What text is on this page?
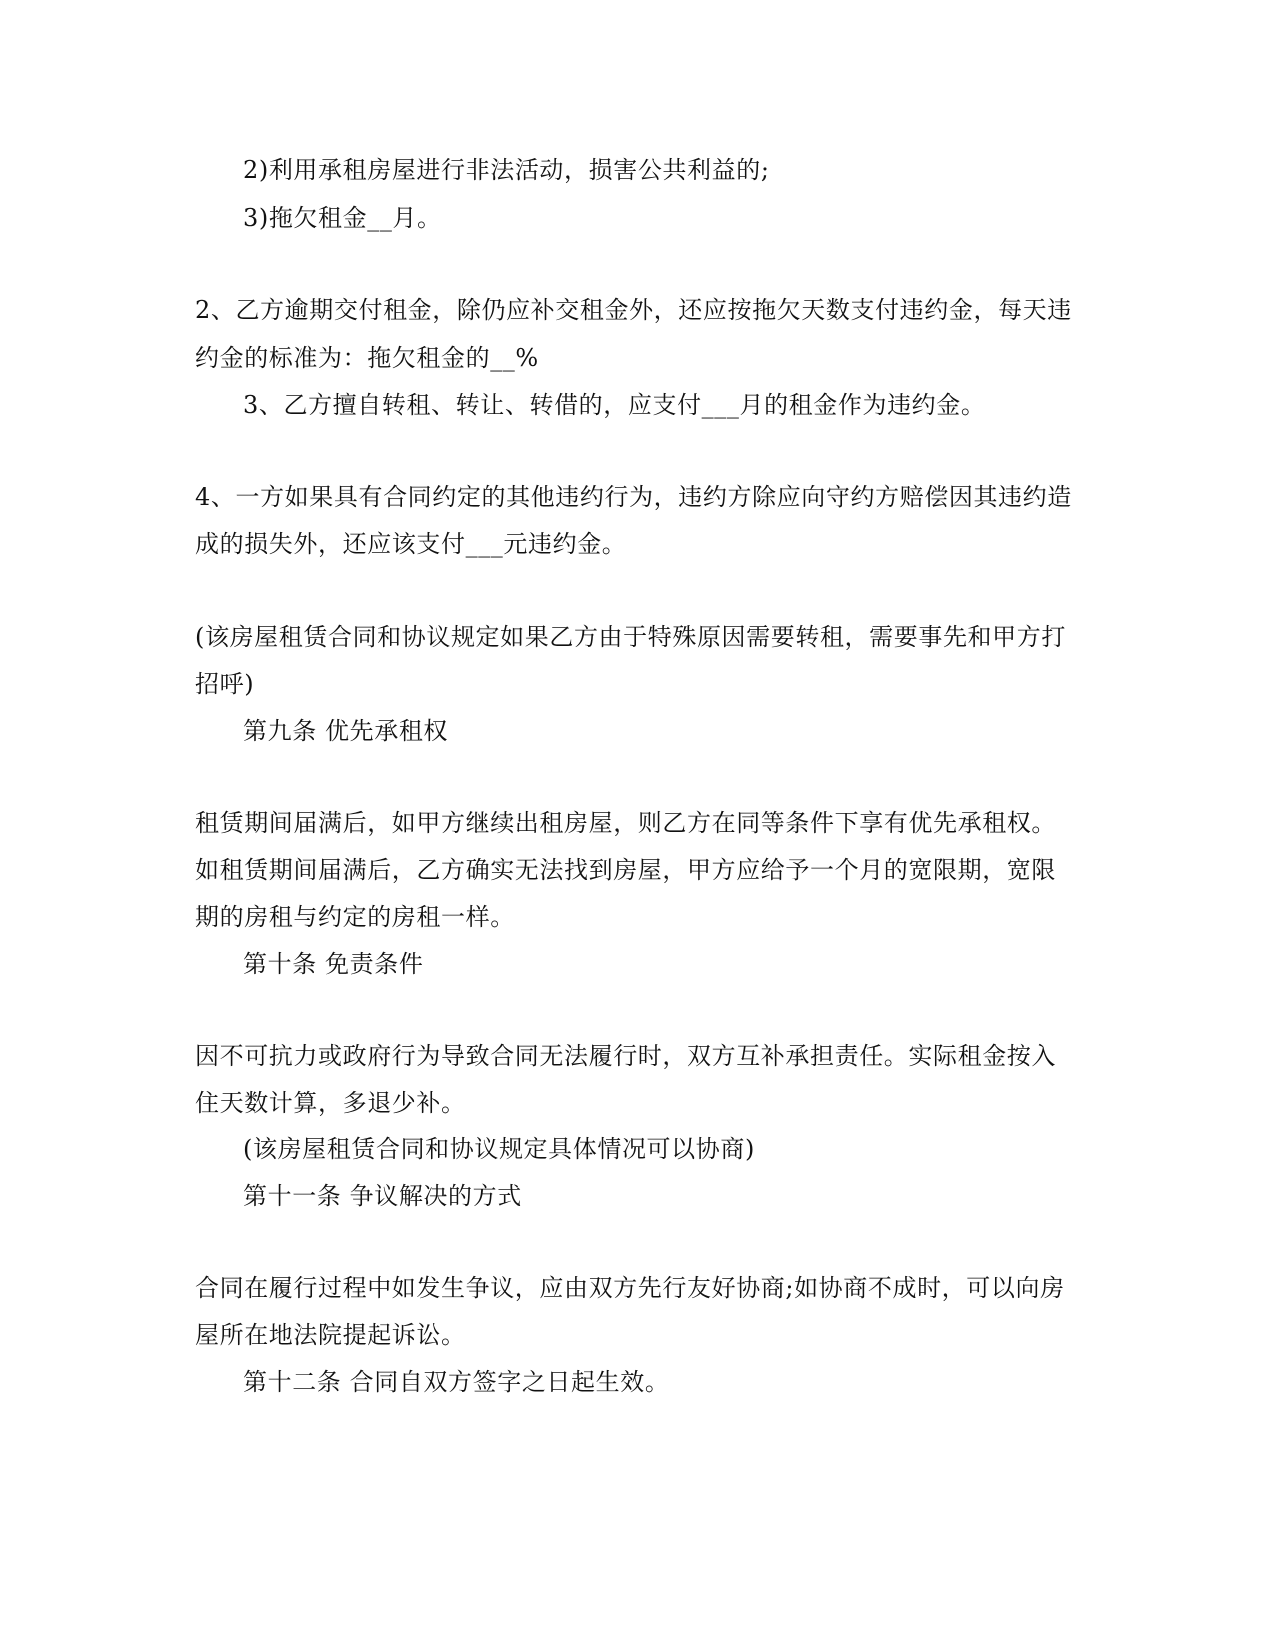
2)利用承租房屋进行非法活动，损害公共利益的;
3)拖欠租金__月。
2、乙方逾期交付租金，除仍应补交租金外，还应按拖欠天数支付违约金，每天违
约金的标准为：拖欠租金的__%
3、乙方擅自转租、转让、转借的，应支付___月的租金作为违约金。
4、一方如果具有合同约定的其他违约行为，违约方除应向守约方赔偿因其违约造
成的损失外，还应该支付___元违约金。
(该房屋租赁合同和协议规定如果乙方由于特殊原因需要转租，需要事先和甲方打
招呼)
第九条 优先承租权
租赁期间届满后，如甲方继续出租房屋，则乙方在同等条件下享有优先承租权。
如租赁期间届满后，乙方确实无法找到房屋，甲方应给予一个月的宽限期，宽限
期的房租与约定的房租一样。
第十条 免责条件
因不可抗力或政府行为导致合同无法履行时，双方互补承担责任。实际租金按入
住天数计算，多退少补。
(该房屋租赁合同和协议规定具体情况可以协商)
第十一条 争议解决的方式
合同在履行过程中如发生争议，应由双方先行友好协商;如协商不成时，可以向房
屋所在地法院提起诉讼。
第十二条 合同自双方签字之日起生效。
